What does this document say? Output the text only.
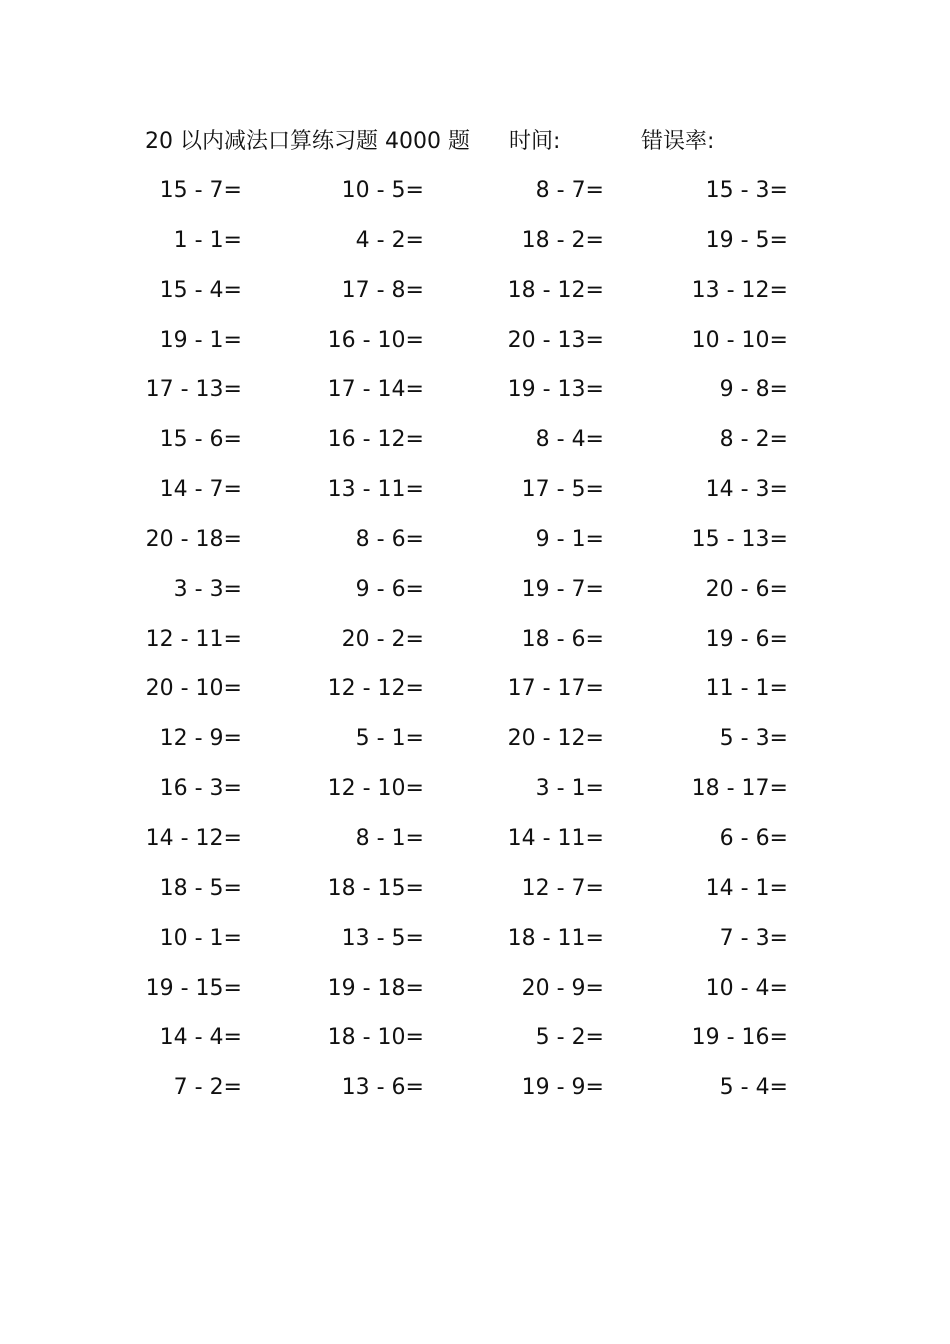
20 以内减法口算练习题 4000 题 时间:	错误率:
15 - 7=	10 - 5=	8 - 7=	15 - 3=
1 - 1=	4 - 2=	18 - 2=	19 - 5=
15 - 4=	17 - 8=	18 - 12=	13 - 12=
19 - 1=	16 - 10=	20 - 13=	10 - 10=
17 - 13=	17 - 14=	19 - 13=	9 - 8=
15 - 6=	16 - 12=	8 - 4=	8 - 2=
14 - 7=	13 - 11=	17 - 5=	14 - 3=
20 - 18=	8 - 6=	9 - 1=	15 - 13=
3 - 3=	9 - 6=	19 - 7=	20 - 6=
12 - 11=	20 - 2=	18 - 6=	19 - 6=
20 - 10=	12 - 12=	17 - 17=	11 - 1=
12 - 9=	5 - 1=	20 - 12=	5 - 3=
16 - 3=	12 - 10=	3 - 1=	18 - 17=
14 - 12=	8 - 1=	14 - 11=	6 - 6=
18 - 5=	18 - 15=	12 - 7=	14 - 1=
10 - 1=	13 - 5=	18 - 11=	7 - 3=
19 - 15=	19 - 18=	20 - 9=	10 - 4=
14 - 4=	18 - 10=	5 - 2=	19 - 16=
7 - 2=	13 - 6=	19 - 9=	5 - 4=
